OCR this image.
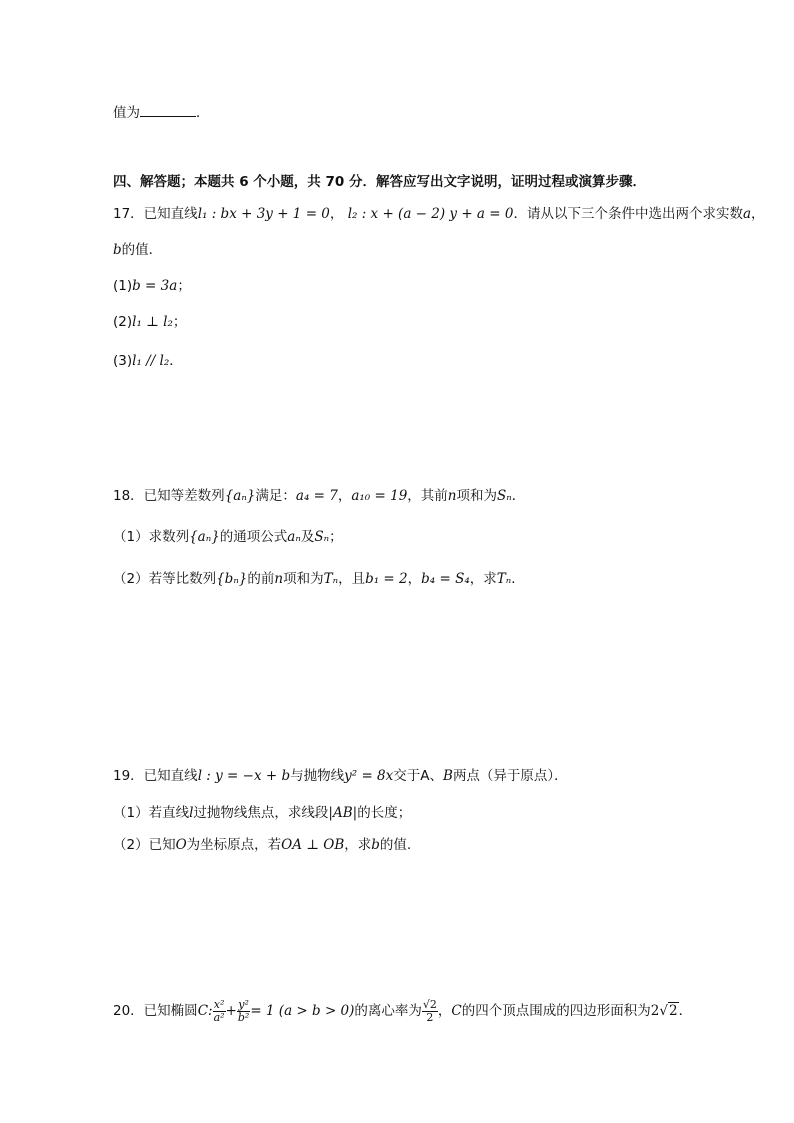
值为	．
四、解答题；本题共 6 个小题，共 70 分．解答应写出文字说明，证明过程或演算步骤．
17．已知直线l₁ : bx + 3y + 1 = 0， l₂ : x + (a − 2) y + a = 0．请从以下三个条件中选出两个求实数a，
b的值．
(1)b = 3a；
(2)l₁ ⊥ l₂；
(3)l₁ // l₂．
18．已知等差数列{aₙ}满足：a₄ = 7，a₁₀ = 19，其前n项和为Sₙ．
（1）求数列{aₙ}的通项公式aₙ及Sₙ；
（2）若等比数列{bₙ}的前n项和为Tₙ，且b₁ = 2，b₄ = S₄，求Tₙ．
19．已知直线l : y = −x + b与抛物线y² = 8x交于A、B两点（异于原点）．
（1）若直线l过抛物线焦点，求线段|AB|的长度；
（2）已知O为坐标原点，若OA ⊥ OB，求b的值.
20．已知椭圆C: $\frac{\text{x²}}{\text{a²}} + \frac{\text{y²}}{\text{b²}} = 1$ (a > b > 0)的离心率为 $\frac{√2}{2}$ ，C的四个顶点围成的四边形面积为2√2．
